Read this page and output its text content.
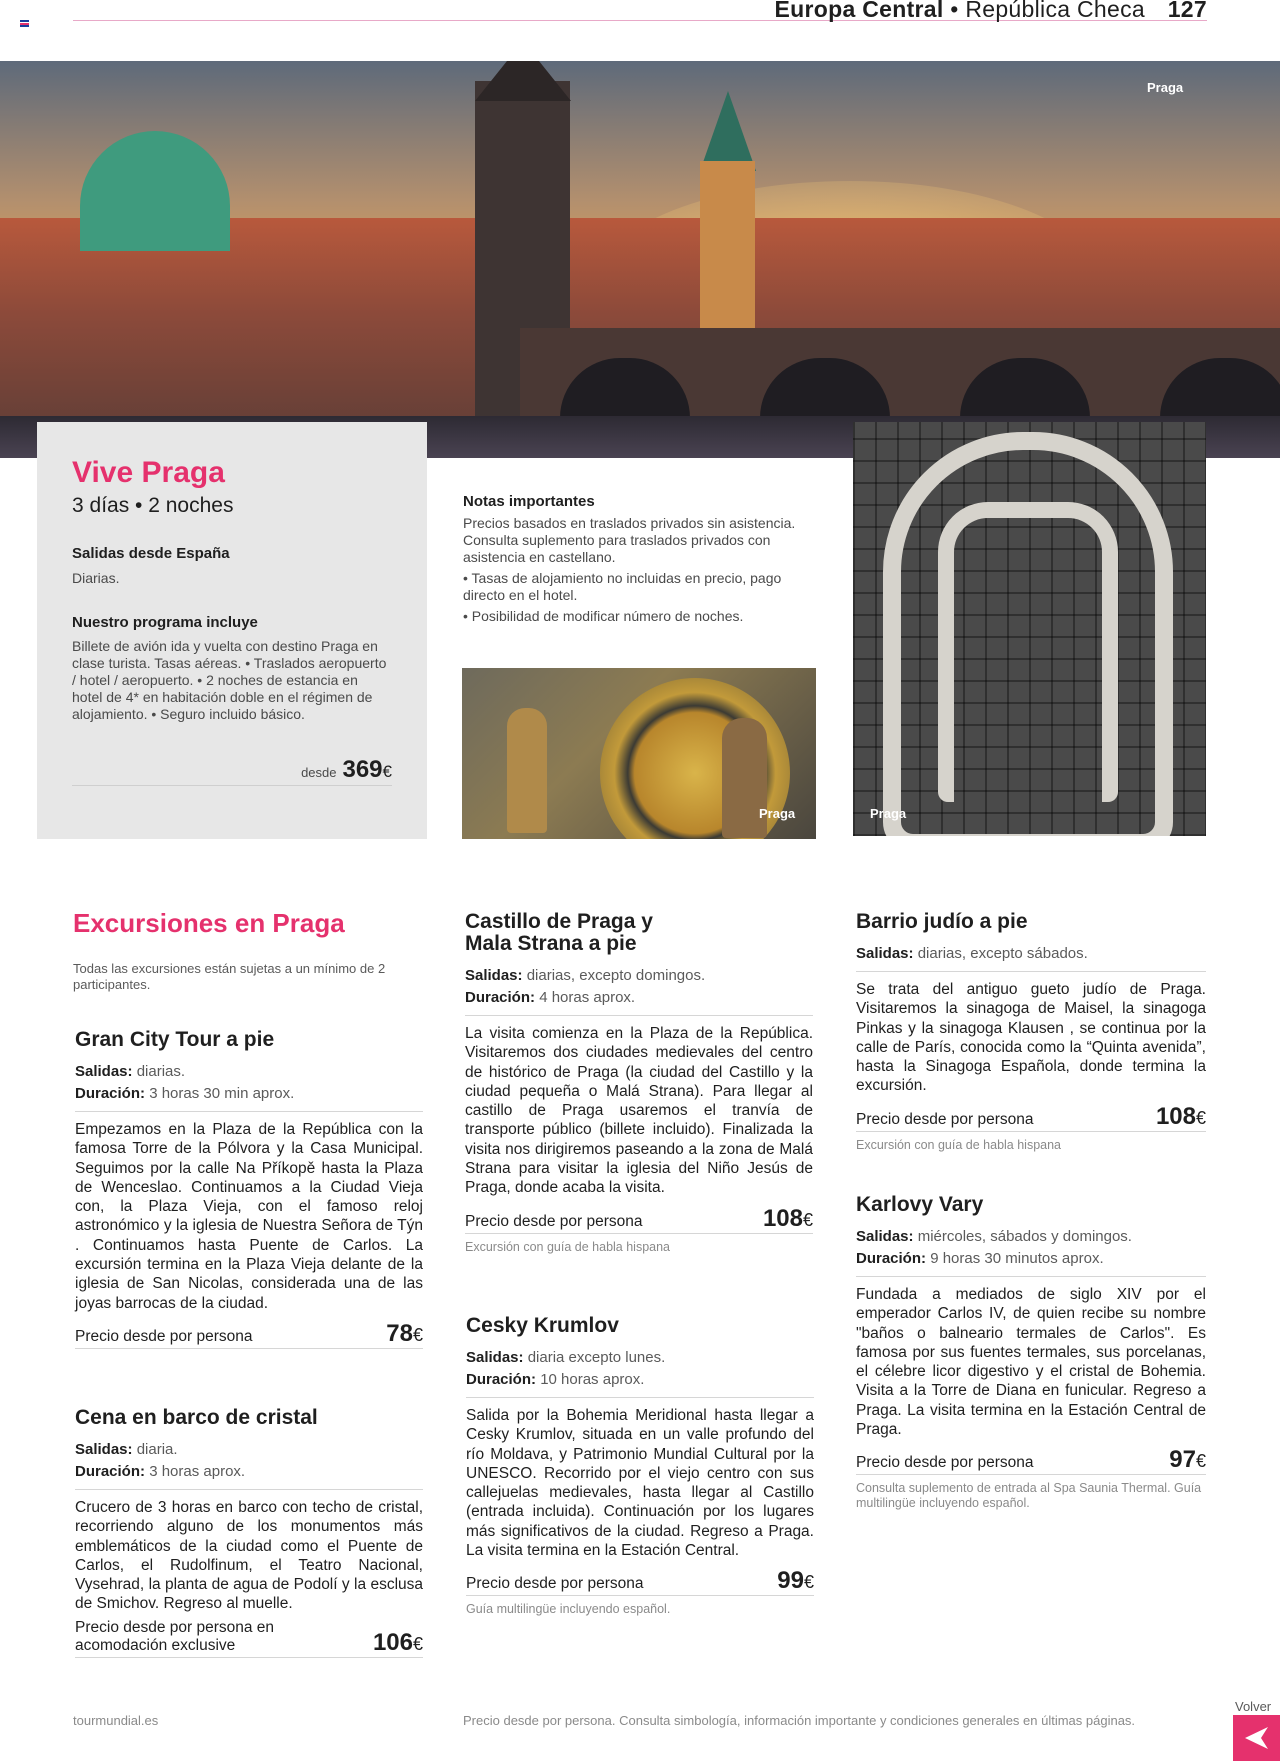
Europa Central • República Checa 127
Praga
Vive Praga
3 días • 2 noches
Salidas desde España

Diarias.

Nuestro programa incluye

Billete de avión ida y vuelta con destino Praga en clase turista. Tasas aéreas. • Traslados aeropuerto / hotel / aeropuerto. • 2 noches de estancia en hotel de 4* en habitación doble en el régimen de alojamiento. • Seguro incluido básico.

desde 369€
Notas importantes

Precios basados en traslados privados sin asistencia. Consulta suplemento para traslados privados con asistencia en castellano.

• Tasas de alojamiento no incluidas en precio, pago directo en el hotel.

• Posibilidad de modificar número de noches.

Praga	Praga
Excursiones en Praga
Todas las excursiones están sujetas a un mínimo de 2 participantes.
Gran City Tour a pie
Salidas: diarias.
Duración: 3 horas 30 min aprox.
Empezamos en la Plaza de la República con la famosa Torre de la Pólvora y la Casa Municipal. Seguimos por la calle Na Příkopě hasta la Plaza de Wenceslao. Continuamos a la Ciudad Vieja con, la Plaza Vieja, con el famoso reloj astronómico y la iglesia de Nuestra Señora de Týn . Continuamos hasta Puente de Carlos. La excursión termina en la Plaza Vieja delante de la iglesia de San Nicolas, considerada una de las joyas barrocas de la ciudad.
Precio desde por persona	78€
Cena en barco de cristal
Salidas: diaria.
Duración: 3 horas aprox.
Crucero de 3 horas en barco con techo de cristal, recorriendo alguno de los monumentos más emblemáticos de la ciudad como el Puente de Carlos, el Rudolfinum, el Teatro Nacional, Vysehrad, la planta de agua de Podolí y la esclusa de Smichov. Regreso al muelle.
Precio desde por persona en acomodación exclusive	106€
Castillo de Praga y Mala Strana a pie
Salidas: diarias, excepto domingos.
Duración: 4 horas aprox.
La visita comienza en la Plaza de la República. Visitaremos dos ciudades medievales del centro de histórico de Praga (la ciudad del Castillo y la ciudad pequeña o Malá Strana). Para llegar al castillo de Praga usaremos el tranvía de transporte público (billete incluido). Finalizada la visita nos dirigiremos paseando a la zona de Malá Strana para visitar la iglesia del Niño Jesús de Praga, donde acaba la visita.
Precio desde por persona	108€
Excursión con guía de habla hispana
Cesky Krumlov
Salidas: diaria excepto lunes.
Duración: 10 horas aprox.
Salida por la Bohemia Meridional hasta llegar a Cesky Krumlov, situada en un valle profundo del río Moldava, y Patrimonio Mundial Cultural por la UNESCO. Recorrido por el viejo centro con sus callejuelas medievales, hasta llegar al Castillo (entrada incluida). Continuación por los lugares más significativos de la ciudad. Regreso a Praga. La visita termina en la Estación Central.
Precio desde por persona	99€
Guía multilingüe incluyendo español.
Barrio judío a pie
Salidas: diarias, excepto sábados.
Se trata del antiguo gueto judío de Praga. Visitaremos la sinagoga de Maisel, la sinagoga Pinkas y la sinagoga Klausen , se continua por la calle de París, conocida como la “Quinta avenida”, hasta la Sinagoga Española, donde termina la excursión.
Precio desde por persona	108€
Excursión con guía de habla hispana
Karlovy Vary
Salidas: miércoles, sábados y domingos.
Duración: 9 horas 30 minutos aprox.
Fundada a mediados de siglo XIV por el emperador Carlos IV, de quien recibe su nombre "baños o balneario termales de Carlos". Es famosa por sus fuentes termales, sus porcelanas, el célebre licor digestivo y el cristal de Bohemia. Visita a la Torre de Diana en funicular. Regreso a Praga. La visita termina en la Estación Central de Praga.
Precio desde por persona	97€
Consulta suplemento de entrada al Spa Saunia Thermal. Guía multilingüe incluyendo español.
tourmundial.es	Precio desde por persona. Consulta simbología, información importante y condiciones generales en últimas páginas.
Volver
